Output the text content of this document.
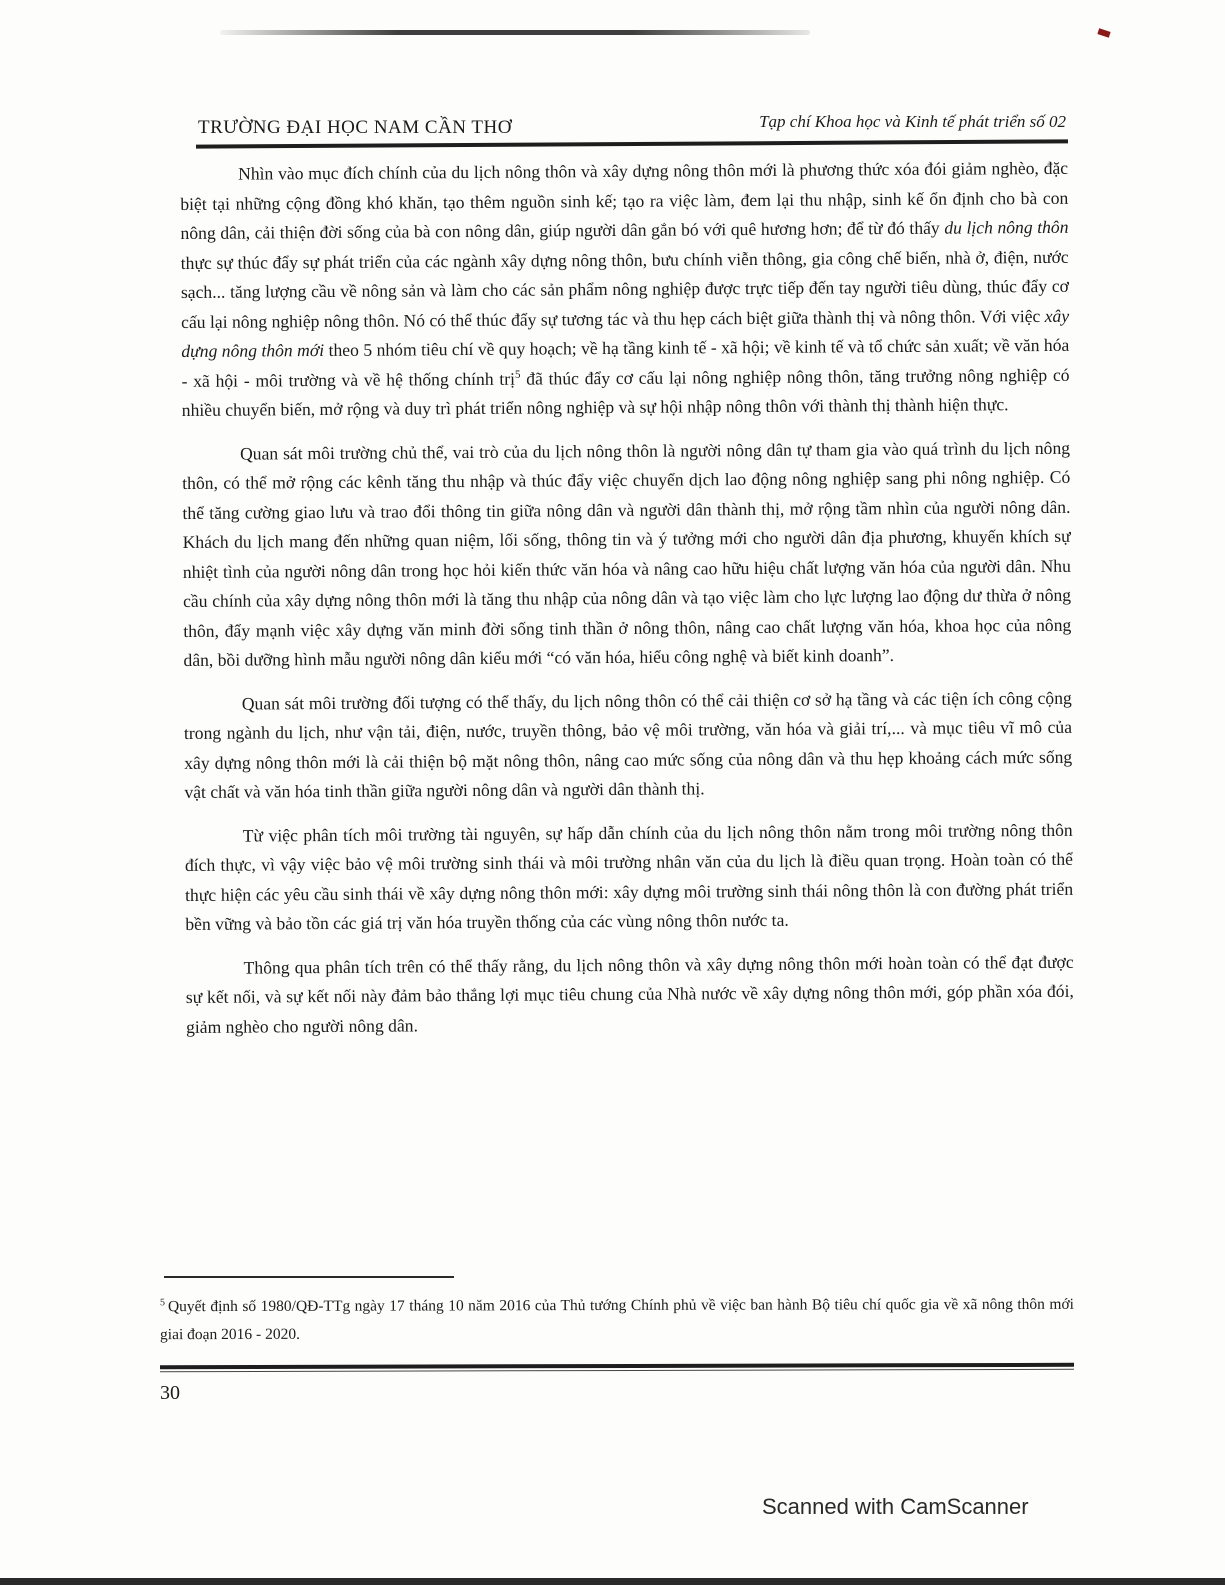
TRƯỜNG ĐẠI HỌC NAM CẦN THƠ	Tạp chí Khoa học và Kinh tế phát triển số 02

Nhìn vào mục đích chính của du lịch nông thôn và xây dựng nông thôn mới là phương thức xóa đói giảm nghèo, đặc biệt tại những cộng đồng khó khăn, tạo thêm nguồn sinh kế; tạo ra việc làm, đem lại thu nhập, sinh kế ổn định cho bà con nông dân, cải thiện đời sống của bà con nông dân, giúp người dân gắn bó với quê hương hơn; để từ đó thấy du lịch nông thôn thực sự thúc đẩy sự phát triển của các ngành xây dựng nông thôn, bưu chính viễn thông, gia công chế biến, nhà ở, điện, nước sạch... tăng lượng cầu về nông sản và làm cho các sản phẩm nông nghiệp được trực tiếp đến tay người tiêu dùng, thúc đẩy cơ cấu lại nông nghiệp nông thôn. Nó có thể thúc đẩy sự tương tác và thu hẹp cách biệt giữa thành thị và nông thôn. Với việc xây dựng nông thôn mới theo 5 nhóm tiêu chí về quy hoạch; về hạ tầng kinh tế - xã hội; về kinh tế và tổ chức sản xuất; về văn hóa - xã hội - môi trường và về hệ thống chính trị$^5$ đã thúc đẩy cơ cấu lại nông nghiệp nông thôn, tăng trưởng nông nghiệp có nhiều chuyển biến, mở rộng và duy trì phát triển nông nghiệp và sự hội nhập nông thôn với thành thị thành hiện thực.

Quan sát môi trường chủ thể, vai trò của du lịch nông thôn là người nông dân tự tham gia vào quá trình du lịch nông thôn, có thể mở rộng các kênh tăng thu nhập và thúc đẩy việc chuyển dịch lao động nông nghiệp sang phi nông nghiệp. Có thể tăng cường giao lưu và trao đổi thông tin giữa nông dân và người dân thành thị, mở rộng tầm nhìn của người nông dân. Khách du lịch mang đến những quan niệm, lối sống, thông tin và ý tưởng mới cho người dân địa phương, khuyến khích sự nhiệt tình của người nông dân trong học hỏi kiến thức văn hóa và nâng cao hữu hiệu chất lượng văn hóa của người dân. Nhu cầu chính của xây dựng nông thôn mới là tăng thu nhập của nông dân và tạo việc làm cho lực lượng lao động dư thừa ở nông thôn, đẩy mạnh việc xây dựng văn minh đời sống tinh thần ở nông thôn, nâng cao chất lượng văn hóa, khoa học của nông dân, bồi dưỡng hình mẫu người nông dân kiểu mới “có văn hóa, hiểu công nghệ và biết kinh doanh”.

Quan sát môi trường đối tượng có thể thấy, du lịch nông thôn có thể cải thiện cơ sở hạ tầng và các tiện ích công cộng trong ngành du lịch, như vận tải, điện, nước, truyền thông, bảo vệ môi trường, văn hóa và giải trí,... và mục tiêu vĩ mô của xây dựng nông thôn mới là cải thiện bộ mặt nông thôn, nâng cao mức sống của nông dân và thu hẹp khoảng cách mức sống vật chất và văn hóa tinh thần giữa người nông dân và người dân thành thị.

Từ việc phân tích môi trường tài nguyên, sự hấp dẫn chính của du lịch nông thôn nằm trong môi trường nông thôn đích thực, vì vậy việc bảo vệ môi trường sinh thái và môi trường nhân văn của du lịch là điều quan trọng. Hoàn toàn có thể thực hiện các yêu cầu sinh thái về xây dựng nông thôn mới: xây dựng môi trường sinh thái nông thôn là con đường phát triển bền vững và bảo tồn các giá trị văn hóa truyền thống của các vùng nông thôn nước ta.

Thông qua phân tích trên có thể thấy rằng, du lịch nông thôn và xây dựng nông thôn mới hoàn toàn có thể đạt được sự kết nối, và sự kết nối này đảm bảo thắng lợi mục tiêu chung của Nhà nước về xây dựng nông thôn mới, góp phần xóa đói, giảm nghèo cho người nông dân.

$^5$ Quyết định số 1980/QĐ-TTg ngày 17 tháng 10 năm 2016 của Thủ tướng Chính phủ về việc ban hành Bộ tiêu chí quốc gia về xã nông thôn mới giai đoạn 2016 - 2020.
30
Scanned with CamScanner
